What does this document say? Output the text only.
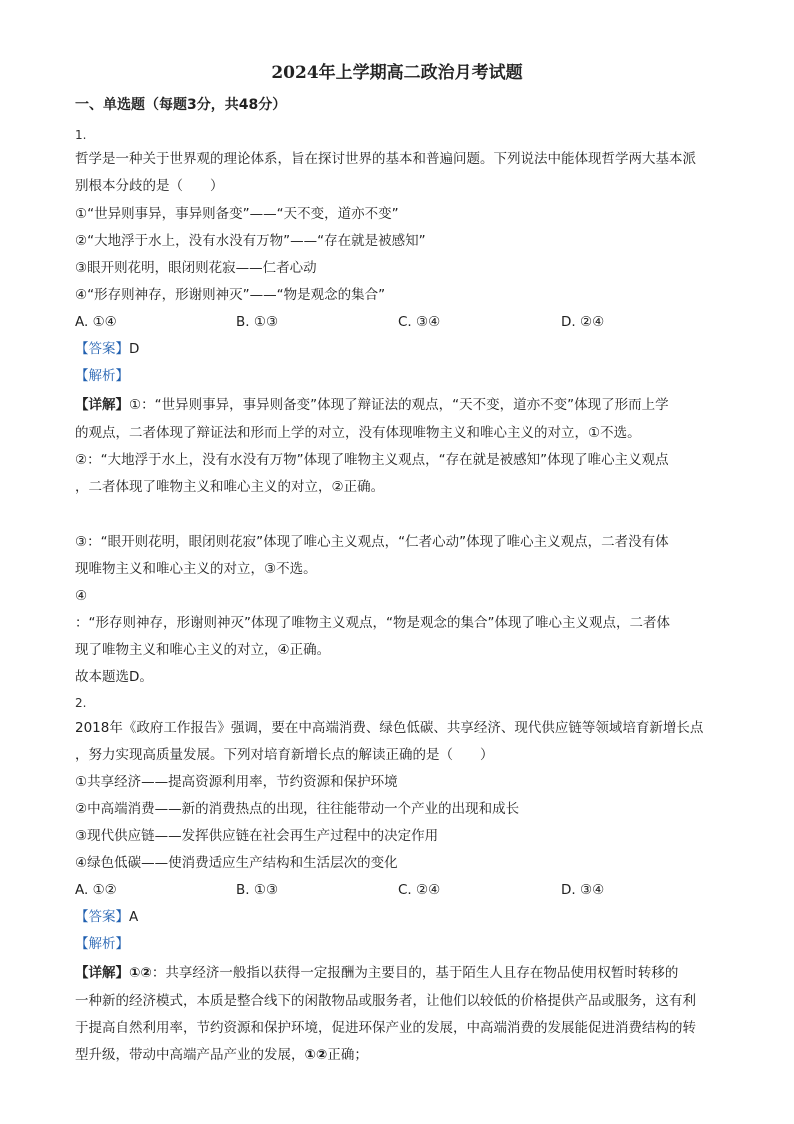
2024年上学期高二政治月考试题
一、单选题（每题3分，共48分）
1.
哲学是一种关于世界观的理论体系，旨在探讨世界的基本和普遍问题。下列说法中能体现哲学两大基本派
别根本分歧的是（　　）
①“世异则事异，事异则备变”——“天不变，道亦不变”
②“大地浮于水上，没有水没有万物”——“存在就是被感知”
③眼开则花明，眼闭则花寂——仁者心动
④“形存则神存，形谢则神灭”——“物是观念的集合”
A. ①④	B. ①③	C. ③④	D. ②④
【答案】D
【解析】
【详解】①：“世异则事异，事异则备变”体现了辩证法的观点，“天不变，道亦不变”体现了形而上学
的观点，二者体现了辩证法和形而上学的对立，没有体现唯物主义和唯心主义的对立，①不选。
②：“大地浮于水上，没有水没有万物”体现了唯物主义观点，“存在就是被感知”体现了唯心主义观点
，二者体现了唯物主义和唯心主义的对立，②正确。
③：“眼开则花明，眼闭则花寂”体现了唯心主义观点，“仁者心动”体现了唯心主义观点，二者没有体
现唯物主义和唯心主义的对立，③不选。
④
：“形存则神存，形谢则神灭”体现了唯物主义观点，“物是观念的集合”体现了唯心主义观点，二者体
现了唯物主义和唯心主义的对立，④正确。
故本题选D。
2.
2018年《政府工作报告》强调，要在中高端消费、绿色低碳、共享经济、现代供应链等领域培育新增长点
，努力实现高质量发展。下列对培育新增长点的解读正确的是（　　）
①共享经济——提高资源利用率，节约资源和保护环境
②中高端消费——新的消费热点的出现，往往能带动一个产业的出现和成长
③现代供应链——发挥供应链在社会再生产过程中的决定作用
④绿色低碳——使消费适应生产结构和生活层次的变化
A. ①②	B. ①③	C. ②④	D. ③④
【答案】A
【解析】
【详解】①②：共享经济一般指以获得一定报酬为主要目的，基于陌生人且存在物品使用权暂时转移的
一种新的经济模式，本质是整合线下的闲散物品或服务者，让他们以较低的价格提供产品或服务，这有利
于提高自然利用率，节约资源和保护环境，促进环保产业的发展，中高端消费的发展能促进消费结构的转
型升级，带动中高端产品产业的发展，①②正确；
